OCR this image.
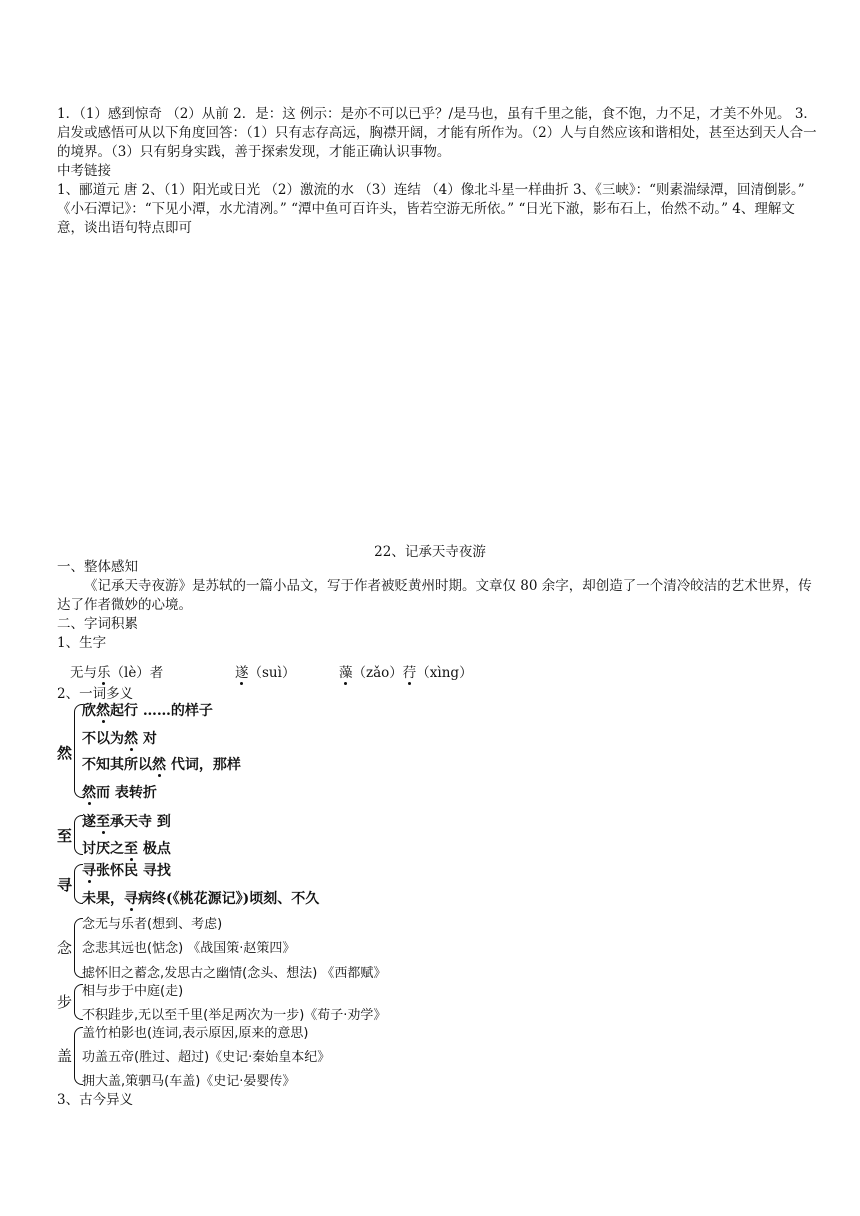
1．（1）感到惊奇 （2）从前 2．是：这 例示：是亦不可以已乎？/是马也，虽有千里之能，食不饱，力不足，才美不外见。 3．启发或感悟可从以下角度回答：（1）只有志存高远，胸襟开阔，才能有所作为。（2）人与自然应该和谐相处，甚至达到天人合一的境界。（3）只有躬身实践，善于探索发现，才能正确认识事物。

中考链接

1、郦道元 唐 2、（1）阳光或日光 （2）激流的水 （3）连结 （4）像北斗星一样曲折 3、《三峡》：“则素湍绿潭，回清倒影。” 《小石潭记》：“下见小潭，水尤清冽。” “潭中鱼可百许头，皆若空游无所依。” “日光下澈，影布石上，佁然不动。” 4、理解文意，谈出语句特点即可

22、记承天寺夜游

一、整体感知

《记承天寺夜游》是苏轼的一篇小品文，写于作者被贬黄州时期。文章仅 80 余字，却创造了一个清冷皎洁的艺术世界，传达了作者微妙的心境。

二、字词积累

1、生字

无与乐（lè）者	遂（suì）	藻（zǎo）荇（xìng）
2、一词多义
然
欣然起行 ……的样子
不以为然 对
不知其所以然 代词，那样
然而 表转折
至
遂至承天寺 到
讨厌之至 极点
寻
寻张怀民 寻找
未果，寻病终(《桃花源记》)顷刻、不久
念
念无与乐者(想到、考虑)
念悲其远也(惦念) 《战国策·赵策四》
摅怀旧之蓄念,发思古之幽情(念头、想法) 《西都赋》
步
相与步于中庭(走)
不积跬步,无以至千里(举足两次为一步)《荀子·劝学》
盖
盖竹柏影也(连词,表示原因,原来的意思)
功盖五帝(胜过、超过)《史记·秦始皇本纪》
拥大盖,策驷马(车盖)《史记·晏婴传》
3、古今异义
